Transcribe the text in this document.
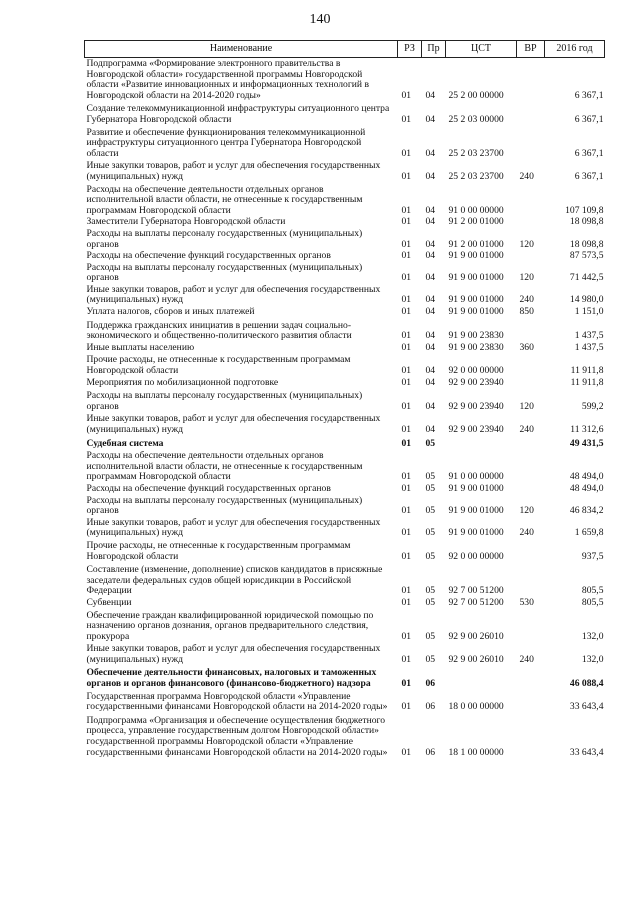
140
Наименование	РЗ	Пр	ЦСТ	ВР	2016 год
Подпрограмма «Формирование электронного правительства в Новгородской области» государственной программы Новгородской области «Развитие инновационных и информационных технологий в Новгородской области на 2014-2020 годы»	01	04	25 2 00 00000		6 367,1
Создание телекоммуникационной инфраструктуры ситуационного центра Губернатора Новгородской области	01	04	25 2 03 00000		6 367,1
Развитие и обеспечение функционирования телекоммуникационной инфраструктуры ситуационного центра Губернатора Новгородской области	01	04	25 2 03 23700		6 367,1
Иные закупки товаров, работ и услуг для обеспечения государственных (муниципальных) нужд	01	04	25 2 03 23700	240	6 367,1
Расходы на обеспечение деятельности отдельных органов исполнительной власти области, не отнесенные к государственным программам Новгородской области	01	04	91 0 00 00000		107 109,8
Заместители Губернатора Новгородской области	01	04	91 2 00 01000		18 098,8
Расходы на выплаты персоналу государственных (муниципальных) органов	01	04	91 2 00 01000	120	18 098,8
Расходы на обеспечение функций государственных органов	01	04	91 9 00 01000		87 573,5
Расходы на выплаты персоналу государственных (муниципальных) органов	01	04	91 9 00 01000	120	71 442,5
Иные закупки товаров, работ и услуг для обеспечения государственных (муниципальных) нужд	01	04	91 9 00 01000	240	14 980,0
Уплата налогов, сборов и иных платежей	01	04	91 9 00 01000	850	1 151,0
Поддержка гражданских инициатив в решении задач социально-экономического и общественно-политического развития области	01	04	91 9 00 23830		1 437,5
Иные выплаты населению	01	04	91 9 00 23830	360	1 437,5
Прочие расходы, не отнесенные к государственным программам Новгородской области	01	04	92 0 00 00000		11 911,8
Мероприятия по мобилизационной подготовке	01	04	92 9 00 23940		11 911,8
Расходы на выплаты персоналу государственных (муниципальных) органов	01	04	92 9 00 23940	120	599,2
Иные закупки товаров, работ и услуг для обеспечения государственных (муниципальных) нужд	01	04	92 9 00 23940	240	11 312,6
Судебная система	01	05			49 431,5
Расходы на обеспечение деятельности отдельных органов исполнительной власти области, не отнесенные к государственным программам Новгородской области	01	05	91 0 00 00000		48 494,0
Расходы на обеспечение функций государственных органов	01	05	91 9 00 01000		48 494,0
Расходы на выплаты персоналу государственных (муниципальных) органов	01	05	91 9 00 01000	120	46 834,2
Иные закупки товаров, работ и услуг для обеспечения государственных (муниципальных) нужд	01	05	91 9 00 01000	240	1 659,8
Прочие расходы, не отнесенные к государственным программам Новгородской области	01	05	92 0 00 00000		937,5
Составление (изменение, дополнение) списков кандидатов в присяжные заседатели федеральных судов общей юрисдикции в Российской Федерации	01	05	92 7 00 51200		805,5
Субвенции	01	05	92 7 00 51200	530	805,5
Обеспечение граждан квалифицированной юридической помощью по назначению органов дознания, органов предварительного следствия, прокурора	01	05	92 9 00 26010		132,0
Иные закупки товаров, работ и услуг для обеспечения государственных (муниципальных) нужд	01	05	92 9 00 26010	240	132,0
Обеспечение деятельности финансовых, налоговых и таможенных органов и органов финансового (финансово-бюджетного) надзора	01	06			46 088,4
Государственная программа Новгородской области «Управление государственными финансами Новгородской области на 2014-2020 годы»	01	06	18 0 00 00000		33 643,4
Подпрограмма «Организация и обеспечение осуществления бюджетного процесса, управление государственным долгом Новгородской области» государственной программы Новгородской области «Управление государственными финансами Новгородской области на 2014-2020 годы»	01	06	18 1 00 00000		33 643,4
